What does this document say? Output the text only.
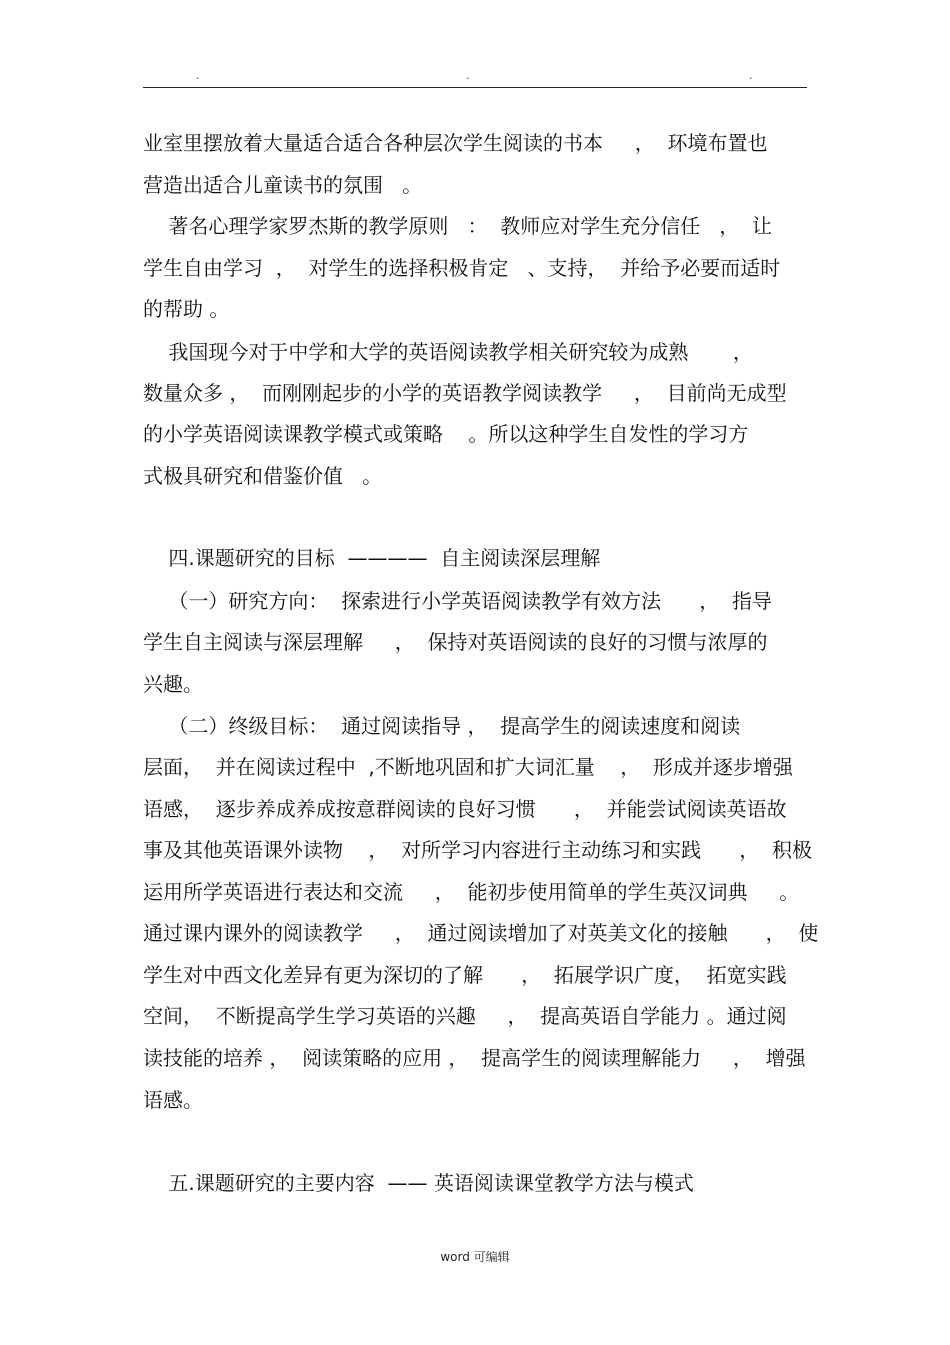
.	.	.

业室里摆放着大量适合适合各种层次学生阅读的书本     ，  环境布置也

营造出适合儿童读书的氛围   。

著名心理学家罗杰斯的教学原则   ：  教师应对学生充分信任   ，  让

学生自由学习  ，  对学生的选择积极肯定   、支持，  并给予必要而适时

的帮助 。

我国现今对于中学和大学的英语阅读教学相关研究较为成熟       ，

数量众多 ，  而刚刚起步的小学的英语教学阅读教学     ，  目前尚无成型

的小学英语阅读课教学模式或策略    。所以这种学生自发性的学习方

式极具研究和借鉴价值   。

四.课题研究的目标  ————  自主阅读深层理解

（一）研究方向：  探索进行小学英语阅读教学有效方法      ，  指导

学生自主阅读与深层理解     ，  保持对英语阅读的良好的习惯与浓厚的

兴趣。

（二）终级目标：  通过阅读指导 ，  提高学生的阅读速度和阅读

层面，  并在阅读过程中  ,不断地巩固和扩大词汇量    ，  形成并逐步增强

语感，  逐步养成养成按意群阅读的良好习惯      ，  并能尝试阅读英语故

事及其他英语课外读物    ，  对所学习内容进行主动练习和实践      ，  积极

运用所学英语进行表达和交流     ，  能初步使用简单的学生英汉词典     。

通过课内课外的阅读教学     ，  通过阅读增加了对英美文化的接触      ，  使

学生对中西文化差异有更为深切的了解      ，  拓展学识广度，  拓宽实践

空间，  不断提高学生学习英语的兴趣     ，  提高英语自学能力 。通过阅

读技能的培养 ，  阅读策略的应用 ，  提高学生的阅读理解能力     ，  增强

语感。

五.课题研究的主要内容  —— 英语阅读课堂教学方法与模式

word 可编辑
